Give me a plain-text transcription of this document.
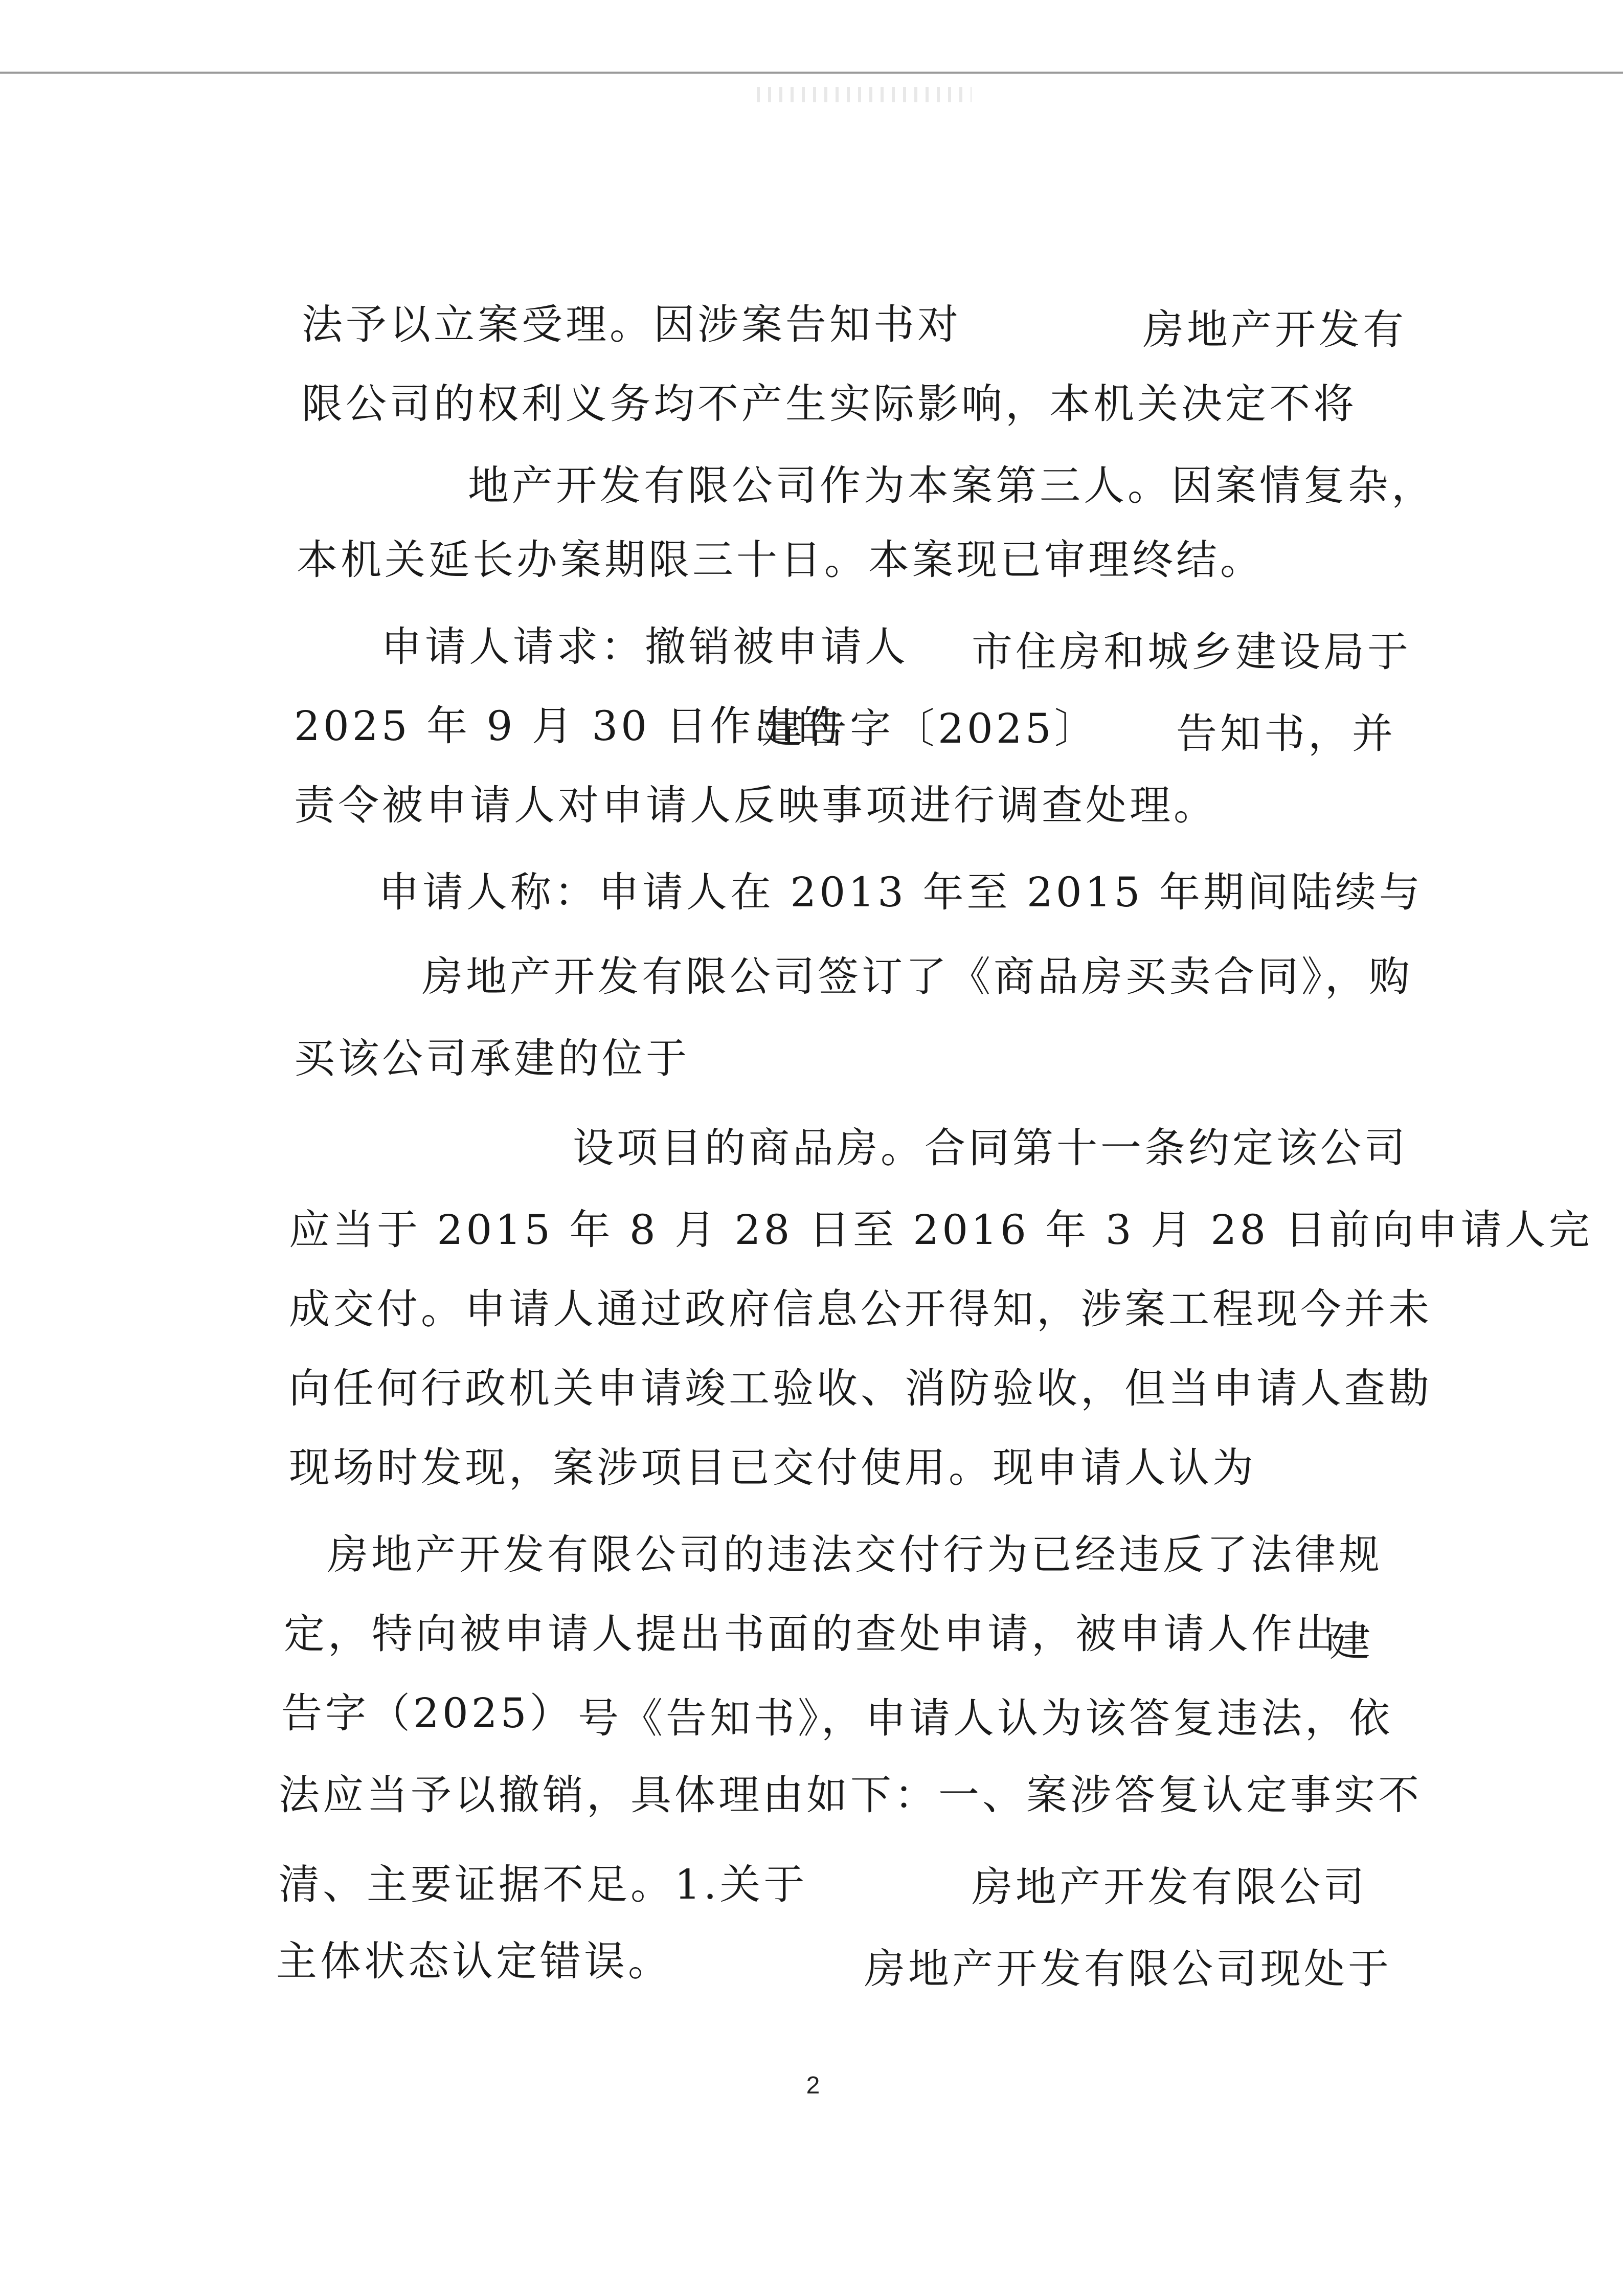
法予以立案受理。因涉案告知书对	房地产开发有
限公司的权利义务均不产生实际影响，本机关决定不将
地产开发有限公司作为本案第三人。因案情复杂，
本机关延长办案期限三十日。本案现已审理终结。
申请人请求：撤销被申请人 市住房和城乡建设局于
2025 年 9 月 30 日作出的
建告字〔2025〕 告知书，并
责令被申请人对申请人反映事项进行调查处理。
申请人称：申请人在 2013 年至 2015 年期间陆续与
房地产开发有限公司签订了《商品房买卖合同》，购
买该公司承建的位于
设项目的商品房。合同第十一条约定该公司
应当于 2015 年 8 月 28 日至 2016 年 3 月 28 日前向申请人完
成交付。申请人通过政府信息公开得知，涉案工程现今并未
向任何行政机关申请竣工验收、消防验收，但当申请人查勘
现场时发现，案涉项目已交付使用。现申请人认为
房地产开发有限公司的违法交付行为已经违反了法律规
定，特向被申请人提出书面的查处申请，被申请人作出
建
告字（2025） 号《告知书》，申请人认为该答复违法，依
法应当予以撤销，具体理由如下：一、案涉答复认定事实不
清、主要证据不足。1.关于	房地产开发有限公司
主体状态认定错误。	房地产开发有限公司现处于
2
